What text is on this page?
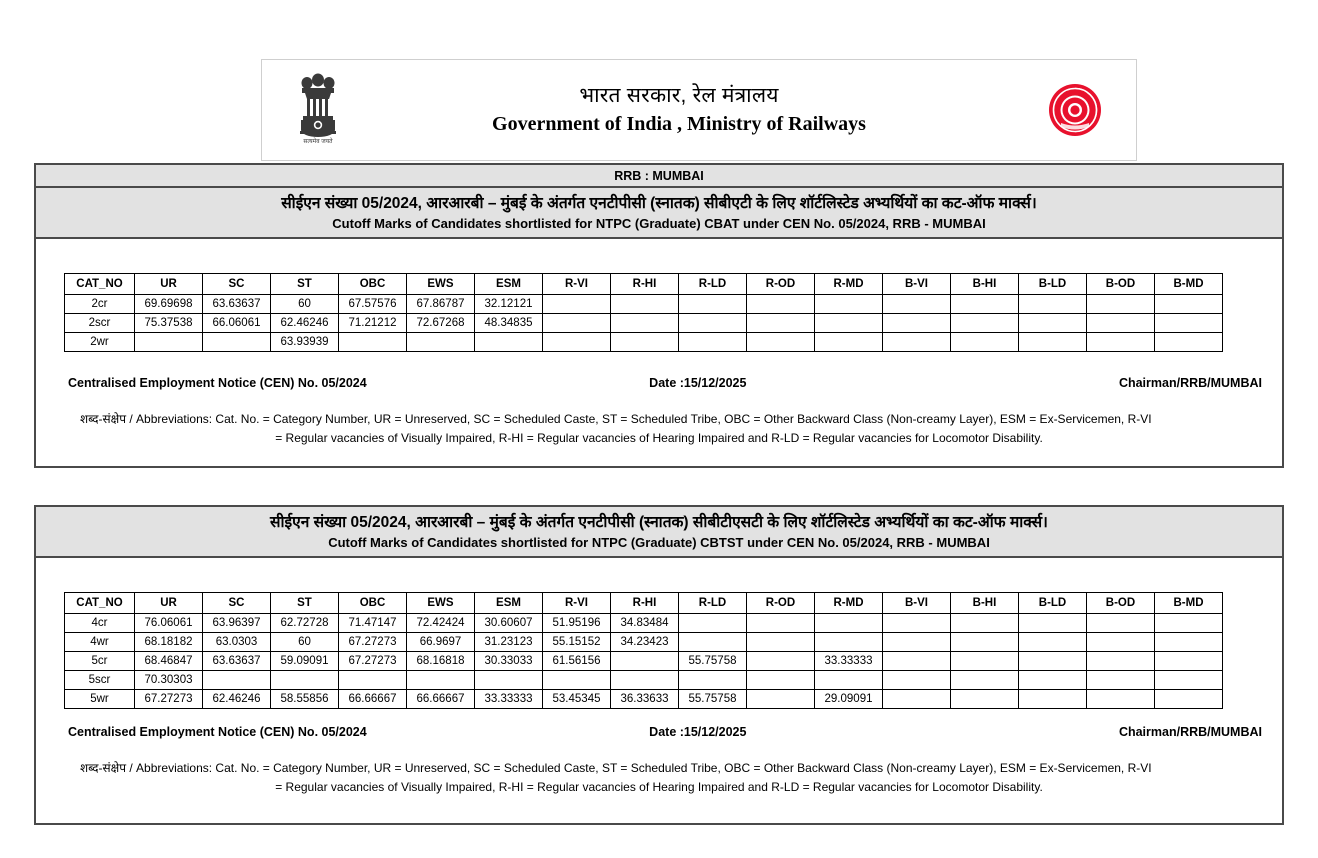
सत्यमेव जयते
भारत सरकार, रेल मंत्रालय
Government of India , Ministry of Railways
RRB : MUMBAI
सीईएन संख्या 05/2024, आरआरबी – मुंबई के अंतर्गत एनटीपीसी (स्नातक) सीबीएटी के लिए शॉर्टलिस्टेड अभ्यर्थियों का कट-ऑफ मार्क्स।
Cutoff Marks of Candidates shortlisted for NTPC (Graduate) CBAT under CEN No. 05/2024, RRB - MUMBAI
CAT_NO	UR	SC	ST	OBC	EWS	ESM	R-VI	R-HI	R-LD	R-OD	R-MD	B-VI	B-HI	B-LD	B-OD	B-MD
2cr	69.69698	63.63637	60	67.57576	67.86787	32.12121										
2scr	75.37538	66.06061	62.46246	71.21212	72.67268	48.34835										
2wr			63.93939													
Centralised Employment Notice (CEN) No. 05/2024	Date :15/12/2025	Chairman/RRB/MUMBAI
शब्द-संक्षेप / Abbreviations: Cat. No. = Category Number, UR = Unreserved, SC = Scheduled Caste, ST = Scheduled Tribe, OBC = Other Backward Class (Non-creamy Layer), ESM = Ex-Servicemen, R-VI
= Regular vacancies of Visually Impaired, R-HI = Regular vacancies of Hearing Impaired and R-LD = Regular vacancies for Locomotor Disability.
सीईएन संख्या 05/2024, आरआरबी – मुंबई के अंतर्गत एनटीपीसी (स्नातक) सीबीटीएसटी के लिए शॉर्टलिस्टेड अभ्यर्थियों का कट-ऑफ मार्क्स।
Cutoff Marks of Candidates shortlisted for NTPC (Graduate) CBTST under CEN No. 05/2024, RRB - MUMBAI
CAT_NO	UR	SC	ST	OBC	EWS	ESM	R-VI	R-HI	R-LD	R-OD	R-MD	B-VI	B-HI	B-LD	B-OD	B-MD
4cr	76.06061	63.96397	62.72728	71.47147	72.42424	30.60607	51.95196	34.83484								
4wr	68.18182	63.0303	60	67.27273	66.9697	31.23123	55.15152	34.23423								
5cr	68.46847	63.63637	59.09091	67.27273	68.16818	30.33033	61.56156		55.75758		33.33333					
5scr	70.30303															
5wr	67.27273	62.46246	58.55856	66.66667	66.66667	33.33333	53.45345	36.33633	55.75758		29.09091					
Centralised Employment Notice (CEN) No. 05/2024	Date :15/12/2025	Chairman/RRB/MUMBAI
शब्द-संक्षेप / Abbreviations: Cat. No. = Category Number, UR = Unreserved, SC = Scheduled Caste, ST = Scheduled Tribe, OBC = Other Backward Class (Non-creamy Layer), ESM = Ex-Servicemen, R-VI
= Regular vacancies of Visually Impaired, R-HI = Regular vacancies of Hearing Impaired and R-LD = Regular vacancies for Locomotor Disability.
